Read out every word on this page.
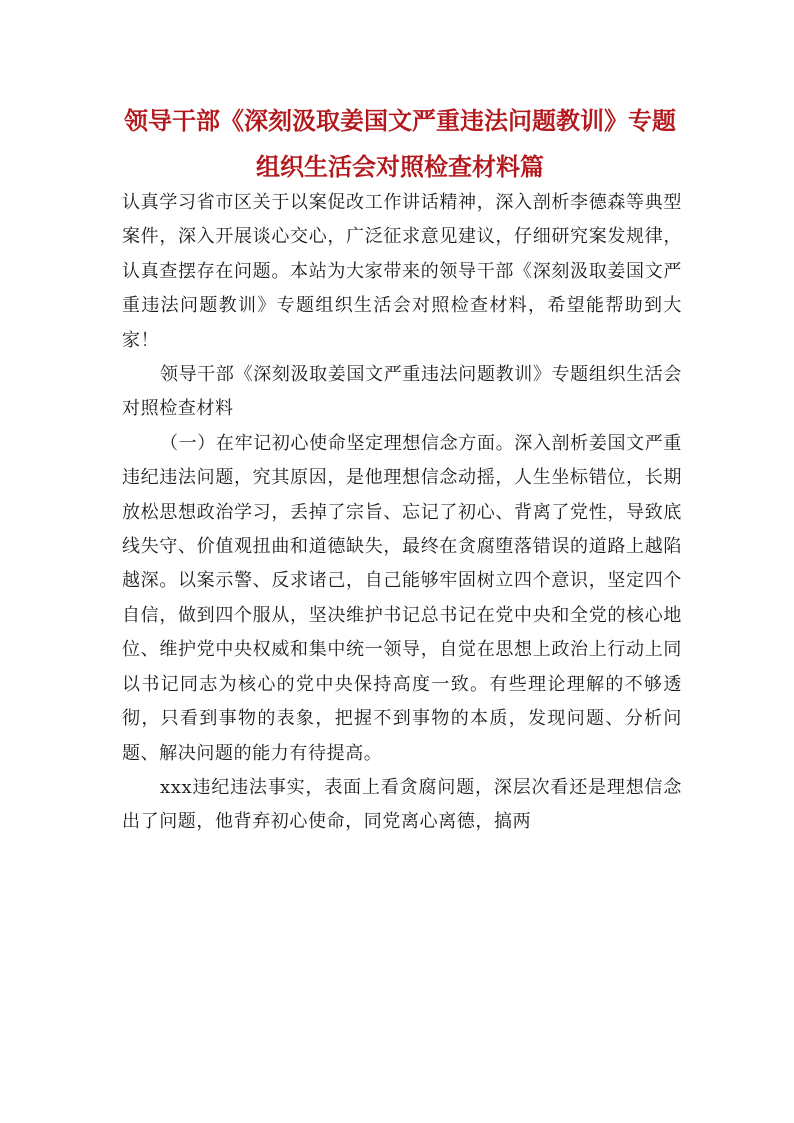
领导干部《深刻汲取姜国文严重违法问题教训》专题
组织生活会对照检查材料篇

认真学习省市区关于以案促改工作讲话精神，深入剖析李德森等典型案件，深入开展谈心交心，广泛征求意见建议，仔细研究案发规律，认真查摆存在问题。本站为大家带来的领导干部《深刻汲取姜国文严重违法问题教训》专题组织生活会对照检查材料，希望能帮助到大家！

领导干部《深刻汲取姜国文严重违法问题教训》专题组织生活会对照检查材料

（一）在牢记初心使命坚定理想信念方面。深入剖析姜国文严重违纪违法问题，究其原因，是他理想信念动摇，人生坐标错位，长期放松思想政治学习，丢掉了宗旨、忘记了初心、背离了党性，导致底线失守、价值观扭曲和道德缺失，最终在贪腐堕落错误的道路上越陷越深。以案示警、反求诸己，自己能够牢固树立四个意识，坚定四个自信，做到四个服从，坚决维护书记总书记在党中央和全党的核心地位、维护党中央权威和集中统一领导，自觉在思想上政治上行动上同以书记同志为核心的党中央保持高度一致。有些理论理解的不够透彻，只看到事物的表象，把握不到事物的本质，发现问题、分析问题、解决问题的能力有待提高。

xxx违纪违法事实，表面上看贪腐问题，深层次看还是理想信念出了问题，他背弃初心使命，同党离心离德，搞两
